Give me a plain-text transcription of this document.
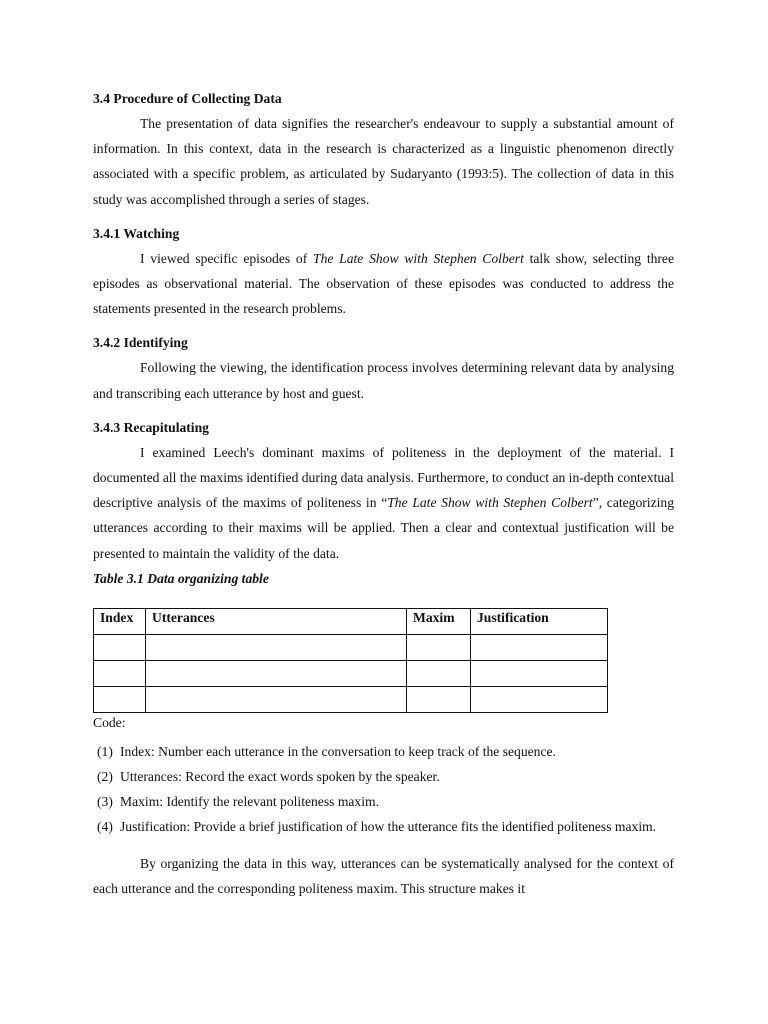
3.4 Procedure of Collecting Data

The presentation of data signifies the researcher's endeavour to supply a substantial amount of information. In this context, data in the research is characterized as a linguistic phenomenon directly associated with a specific problem, as articulated by Sudaryanto (1993:5). The collection of data in this study was accomplished through a series of stages.

3.4.1 Watching

I viewed specific episodes of The Late Show with Stephen Colbert talk show, selecting three episodes as observational material. The observation of these episodes was conducted to address the statements presented in the research problems.

3.4.2 Identifying

Following the viewing, the identification process involves determining relevant data by analysing and transcribing each utterance by host and guest.

3.4.3 Recapitulating

I examined Leech's dominant maxims of politeness in the deployment of the material. I documented all the maxims identified during data analysis. Furthermore, to conduct an in-depth contextual descriptive analysis of the maxims of politeness in “The Late Show with Stephen Colbert”, categorizing utterances according to their maxims will be applied. Then a clear and contextual justification will be presented to maintain the validity of the data.

Table 3.1 Data organizing table

Index	Utterances	Maxim	Justification

Code:

(1) Index: Number each utterance in the conversation to keep track of the sequence.
(2) Utterances: Record the exact words spoken by the speaker.
(3) Maxim: Identify the relevant politeness maxim.
(4) Justification: Provide a brief justification of how the utterance fits the identified politeness maxim.

By organizing the data in this way, utterances can be systematically analysed for the context of each utterance and the corresponding politeness maxim. This structure makes it
